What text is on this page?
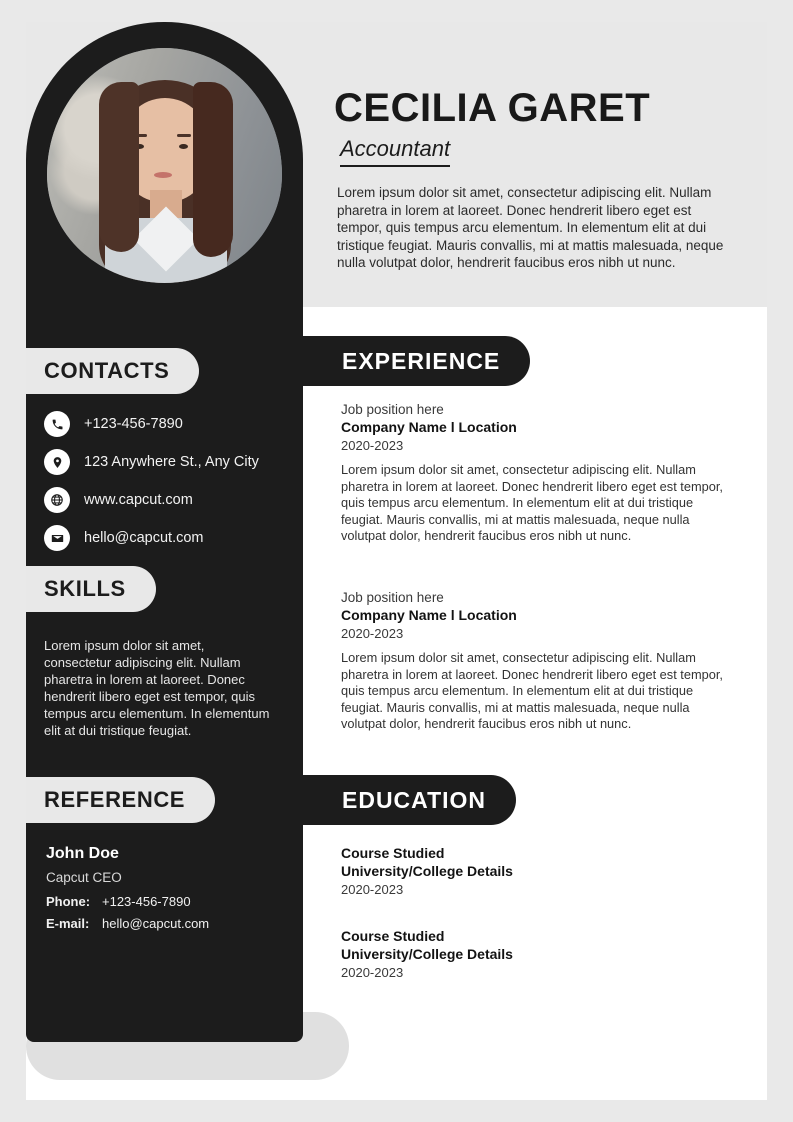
CECILIA GARET
Accountant
Lorem ipsum dolor sit amet, consectetur adipiscing elit. Nullam pharetra in lorem at laoreet. Donec hendrerit libero eget est tempor, quis tempus arcu elementum. In elementum elit at dui tristique feugiat. Mauris convallis, mi at mattis malesuada, neque nulla volutpat dolor, hendrerit faucibus eros nibh ut nunc.
CONTACTS
+123-456-7890
123 Anywhere St., Any City
www.capcut.com
hello@capcut.com
SKILLS
Lorem ipsum dolor sit amet, consectetur adipiscing elit. Nullam pharetra in lorem at laoreet. Donec hendrerit libero eget est tempor, quis tempus arcu elementum. In elementum elit at dui tristique feugiat.
REFERENCE
John Doe
Capcut CEO
Phone: +123-456-7890
E-mail: hello@capcut.com
EXPERIENCE
Job position here
Company Name l Location
2020-2023
Lorem ipsum dolor sit amet, consectetur adipiscing elit. Nullam pharetra in lorem at laoreet. Donec hendrerit libero eget est tempor, quis tempus arcu elementum. In elementum elit at dui tristique feugiat. Mauris convallis, mi at mattis malesuada, neque nulla volutpat dolor, hendrerit faucibus eros nibh ut nunc.
Job position here
Company Name l Location
2020-2023
Lorem ipsum dolor sit amet, consectetur adipiscing elit. Nullam pharetra in lorem at laoreet. Donec hendrerit libero eget est tempor, quis tempus arcu elementum. In elementum elit at dui tristique feugiat. Mauris convallis, mi at mattis malesuada, neque nulla volutpat dolor, hendrerit faucibus eros nibh ut nunc.
EDUCATION
Course Studied
University/College Details
2020-2023
Course Studied
University/College Details
2020-2023
